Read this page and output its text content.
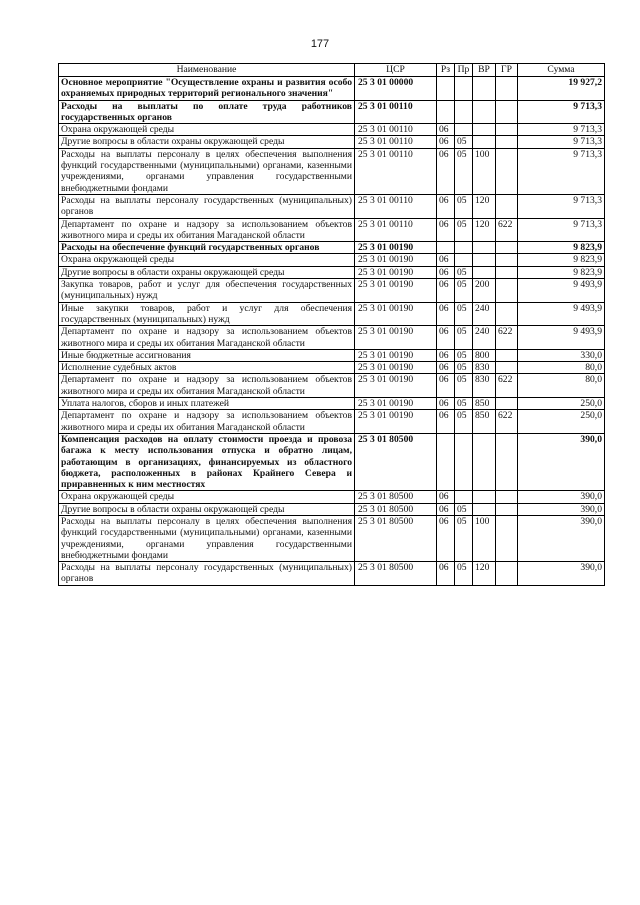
177
Наименование	ЦСР	Рз	Пр	ВР	ГР	Сумма
Основное мероприятие "Осуществление охраны и развития особо охраняемых природных территорий регионального значения"	25 3 01 00000					19 927,2
Расходы на выплаты по оплате труда работников государственных органов	25 3 01 00110					9 713,3
Охрана окружающей среды	25 3 01 00110	06				9 713,3
Другие вопросы в области охраны окружающей среды	25 3 01 00110	06	05			9 713,3
Расходы на выплаты персоналу в целях обеспечения выполнения функций государственными (муниципальными) органами, казенными учреждениями, органами управления государственными внебюджетными фондами	25 3 01 00110	06	05	100		9 713,3
Расходы на выплаты персоналу государственных (муниципальных) органов	25 3 01 00110	06	05	120		9 713,3
Департамент по охране и надзору за использованием объектов животного мира и среды их обитания Магаданской области	25 3 01 00110	06	05	120	622	9 713,3
Расходы на обеспечение функций государственных органов	25 3 01 00190					9 823,9
Охрана окружающей среды	25 3 01 00190	06				9 823,9
Другие вопросы в области охраны окружающей среды	25 3 01 00190	06	05			9 823,9
Закупка товаров, работ и услуг для обеспечения государственных (муниципальных) нужд	25 3 01 00190	06	05	200		9 493,9
Иные закупки товаров, работ и услуг для обеспечения государственных (муниципальных) нужд	25 3 01 00190	06	05	240		9 493,9
Департамент по охране и надзору за использованием объектов животного мира и среды их обитания Магаданской области	25 3 01 00190	06	05	240	622	9 493,9
Иные бюджетные ассигнования	25 3 01 00190	06	05	800		330,0
Исполнение судебных актов	25 3 01 00190	06	05	830		80,0
Департамент по охране и надзору за использованием объектов животного мира и среды их обитания Магаданской области	25 3 01 00190	06	05	830	622	80,0
Уплата налогов, сборов и иных платежей	25 3 01 00190	06	05	850		250,0
Департамент по охране и надзору за использованием объектов животного мира и среды их обитания Магаданской области	25 3 01 00190	06	05	850	622	250,0
Компенсация расходов на оплату стоимости проезда и провоза багажа к месту использования отпуска и обратно лицам, работающим в организациях, финансируемых из областного бюджета, расположенных в районах Крайнего Севера и приравненных к ним местностях	25 3 01 80500					390,0
Охрана окружающей среды	25 3 01 80500	06				390,0
Другие вопросы в области охраны окружающей среды	25 3 01 80500	06	05			390,0
Расходы на выплаты персоналу в целях обеспечения выполнения функций государственными (муниципальными) органами, казенными учреждениями, органами управления государственными внебюджетными фондами	25 3 01 80500	06	05	100		390,0
Расходы на выплаты персоналу государственных (муниципальных) органов	25 3 01 80500	06	05	120		390,0
